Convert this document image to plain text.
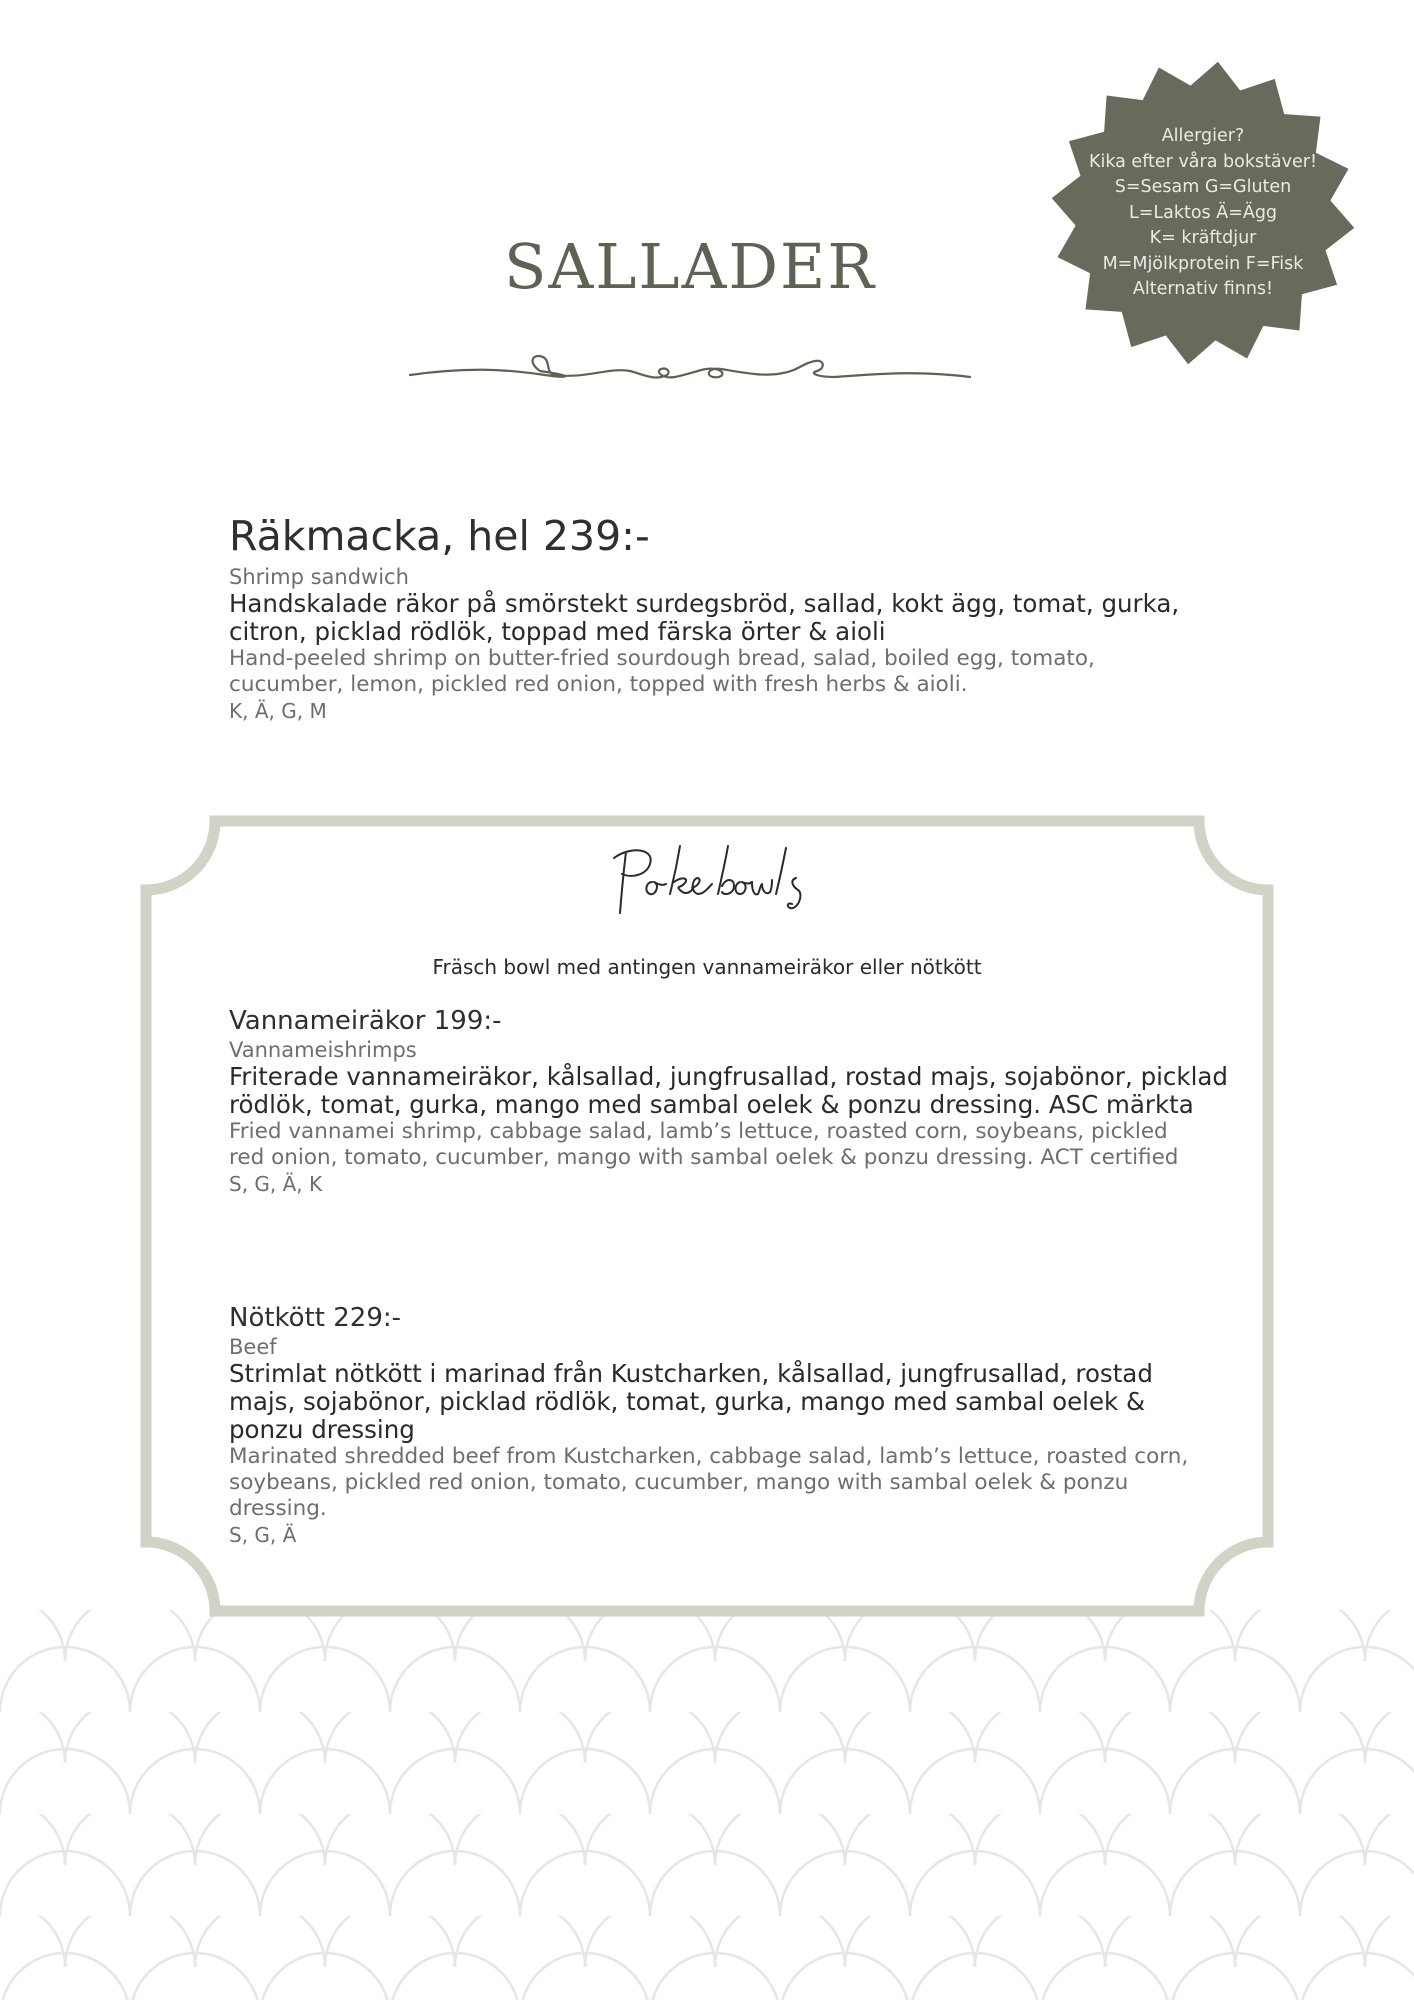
Allergier?
Kika efter våra bokstäver!
S=Sesam G=Gluten
L=Laktos Ä=Ägg
K= kräftdjur
M=Mjölkprotein F=Fisk
Alternativ finns!
SALLADER
Räkmacka, hel 239:-
Shrimp sandwich
Handskalade räkor på smörstekt surdegsbröd, sallad, kokt ägg, tomat, gurka, citron, picklad rödlök, toppad med färska örter & aioli
Hand-peeled shrimp on butter-fried sourdough bread, salad, boiled egg, tomato, cucumber, lemon, pickled red onion, topped with fresh herbs & aioli.
K, Ä, G, M
Fräsch bowl med antingen vannameiräkor eller nötkött
Vannameiräkor 199:-
Vannameishrimps
Friterade vannameiräkor, kålsallad, jungfrusallad, rostad majs, sojabönor, picklad rödlök, tomat, gurka, mango med sambal oelek & ponzu dressing. ASC märkta
Fried vannamei shrimp, cabbage salad, lamb’s lettuce, roasted corn, soybeans, pickled red onion, tomato, cucumber, mango with sambal oelek & ponzu dressing. ACT certified
S, G, Ä, K
Nötkött 229:-
Beef
Strimlat nötkött i marinad från Kustcharken, kålsallad, jungfrusallad, rostad majs, sojabönor, picklad rödlök, tomat, gurka, mango med sambal oelek & ponzu dressing
Marinated shredded beef from Kustcharken, cabbage salad, lamb’s lettuce, roasted corn, soybeans, pickled red onion, tomato, cucumber, mango with sambal oelek & ponzu dressing.
S, G, Ä
